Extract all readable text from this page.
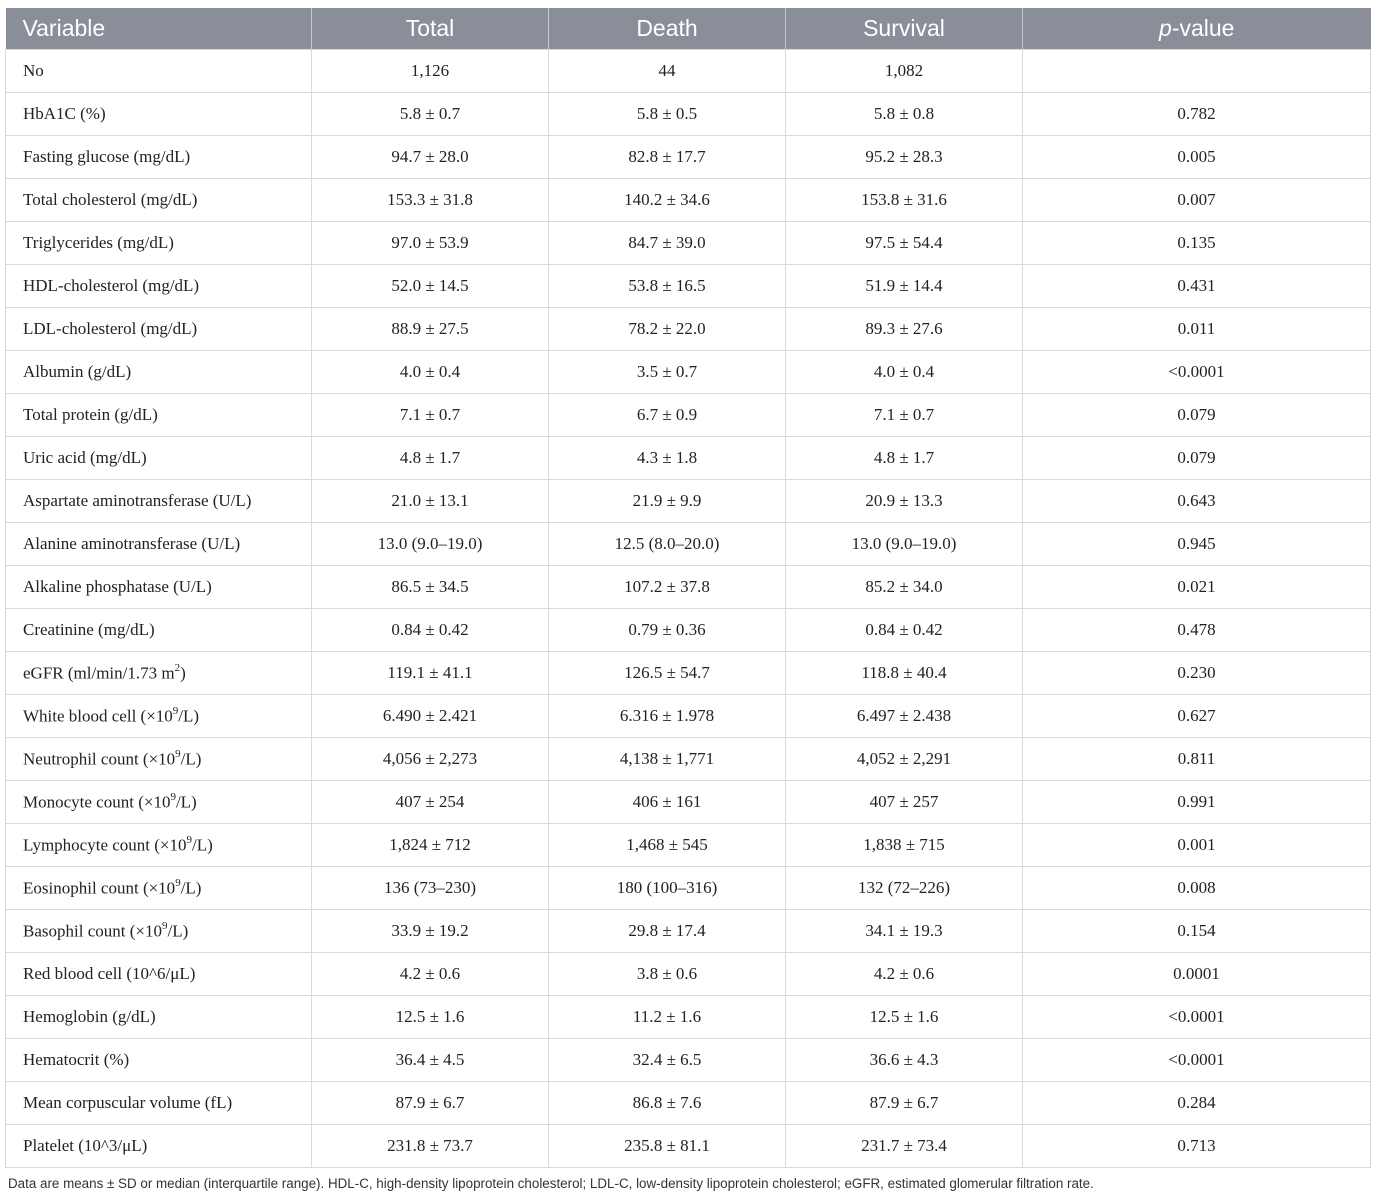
Variable	Total	Death	Survival	p-value
No	1,126	44	1,082	
HbA1C (%)	5.8 ± 0.7	5.8 ± 0.5	5.8 ± 0.8	0.782
Fasting glucose (mg/dL)	94.7 ± 28.0	82.8 ± 17.7	95.2 ± 28.3	0.005
Total cholesterol (mg/dL)	153.3 ± 31.8	140.2 ± 34.6	153.8 ± 31.6	0.007
Triglycerides (mg/dL)	97.0 ± 53.9	84.7 ± 39.0	97.5 ± 54.4	0.135
HDL-cholesterol (mg/dL)	52.0 ± 14.5	53.8 ± 16.5	51.9 ± 14.4	0.431
LDL-cholesterol (mg/dL)	88.9 ± 27.5	78.2 ± 22.0	89.3 ± 27.6	0.011
Albumin (g/dL)	4.0 ± 0.4	3.5 ± 0.7	4.0 ± 0.4	<0.0001
Total protein (g/dL)	7.1 ± 0.7	6.7 ± 0.9	7.1 ± 0.7	0.079
Uric acid (mg/dL)	4.8 ± 1.7	4.3 ± 1.8	4.8 ± 1.7	0.079
Aspartate aminotransferase (U/L)	21.0 ± 13.1	21.9 ± 9.9	20.9 ± 13.3	0.643
Alanine aminotransferase (U/L)	13.0 (9.0–19.0)	12.5 (8.0–20.0)	13.0 (9.0–19.0)	0.945
Alkaline phosphatase (U/L)	86.5 ± 34.5	107.2 ± 37.8	85.2 ± 34.0	0.021
Creatinine (mg/dL)	0.84 ± 0.42	0.79 ± 0.36	0.84 ± 0.42	0.478
eGFR (ml/min/1.73 $m^2$)	119.1 ± 41.1	126.5 ± 54.7	118.8 ± 40.4	0.230
White blood cell $(\times 10^9/L)$	6.490 ± 2.421	6.316 ± 1.978	6.497 ± 2.438	0.627
Neutrophil count $(\times 10^9/L)$	4,056 ± 2,273	4,138 ± 1,771	4,052 ± 2,291	0.811
Monocyte count $(\times 10^9/L)$	407 ± 254	406 ± 161	407 ± 257	0.991
Lymphocyte count $(\times 10^9/L)$	1,824 ± 712	1,468 ± 545	1,838 ± 715	0.001
Eosinophil count $(\times 10^9/L)$	136 (73–230)	180 (100–316)	132 (72–226)	0.008
Basophil count $(\times 10^9/L)$	33.9 ± 19.2	29.8 ± 17.4	34.1 ± 19.3	0.154
Red blood cell (10^6/μL)	4.2 ± 0.6	3.8 ± 0.6	4.2 ± 0.6	0.0001
Hemoglobin (g/dL)	12.5 ± 1.6	11.2 ± 1.6	12.5 ± 1.6	<0.0001
Hematocrit (%)	36.4 ± 4.5	32.4 ± 6.5	36.6 ± 4.3	<0.0001
Mean corpuscular volume (fL)	87.9 ± 6.7	86.8 ± 7.6	87.9 ± 6.7	0.284
Platelet (10^3/μL)	231.8 ± 73.7	235.8 ± 81.1	231.7 ± 73.4	0.713
Data are means ± SD or median (interquartile range). HDL-C, high-density lipoprotein cholesterol; LDL-C, low-density lipoprotein cholesterol; eGFR, estimated glomerular filtration rate.
